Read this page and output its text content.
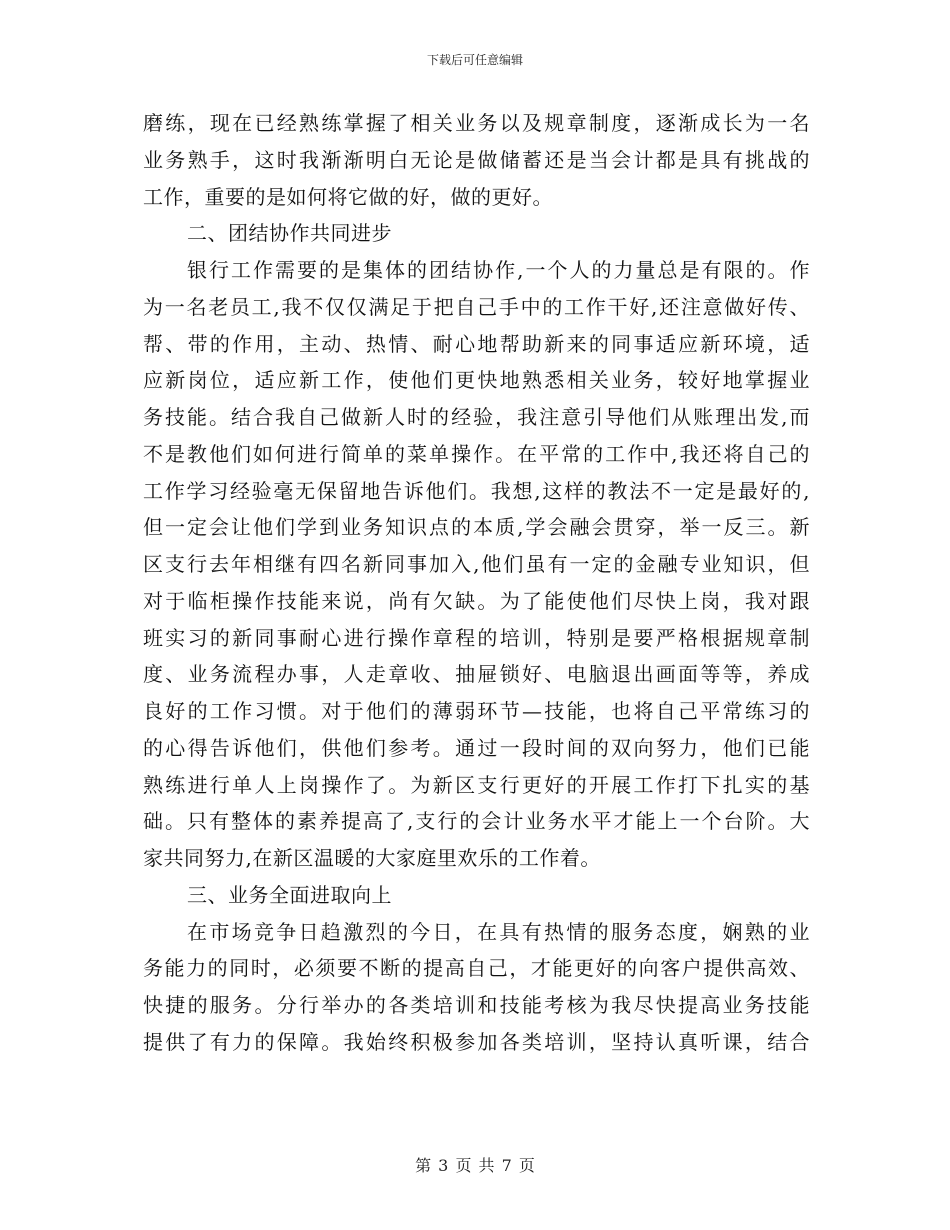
下载后可任意编辑
磨练，现在已经熟练掌握了相关业务以及规章制度，逐渐成长为一名
业务熟手，这时我渐渐明白无论是做储蓄还是当会计都是具有挑战的
工作，重要的是如何将它做的好，做的更好。
二、团结协作共同进步
银行工作需要的是集体的团结协作,一个人的力量总是有限的。作
为一名老员工,我不仅仅满足于把自己手中的工作干好,还注意做好传、
帮、带的作用，主动、热情、耐心地帮助新来的同事适应新环境，适
应新岗位，适应新工作，使他们更快地熟悉相关业务，较好地掌握业
务技能。结合我自己做新人时的经验，我注意引导他们从账理出发,而
不是教他们如何进行简单的菜单操作。在平常的工作中,我还将自己的
工作学习经验毫无保留地告诉他们。我想,这样的教法不一定是最好的,
但一定会让他们学到业务知识点的本质,学会融会贯穿，举一反三。新
区支行去年相继有四名新同事加入,他们虽有一定的金融专业知识，但
对于临柜操作技能来说，尚有欠缺。为了能使他们尽快上岗，我对跟
班实习的新同事耐心进行操作章程的培训，特别是要严格根据规章制
度、业务流程办事，人走章收、抽屉锁好、电脑退出画面等等，养成
良好的工作习惯。对于他们的薄弱环节—技能，也将自己平常练习的
的心得告诉他们，供他们参考。通过一段时间的双向努力，他们已能
熟练进行单人上岗操作了。为新区支行更好的开展工作打下扎实的基
础。只有整体的素养提高了,支行的会计业务水平才能上一个台阶。大
家共同努力,在新区温暖的大家庭里欢乐的工作着。
三、业务全面进取向上
在市场竞争日趋激烈的今日，在具有热情的服务态度，娴熟的业
务能力的同时，必须要不断的提高自己，才能更好的向客户提供高效、
快捷的服务。分行举办的各类培训和技能考核为我尽快提高业务技能
提供了有力的保障。我始终积极参加各类培训，坚持认真听课，结合
第 3 页 共 7 页
